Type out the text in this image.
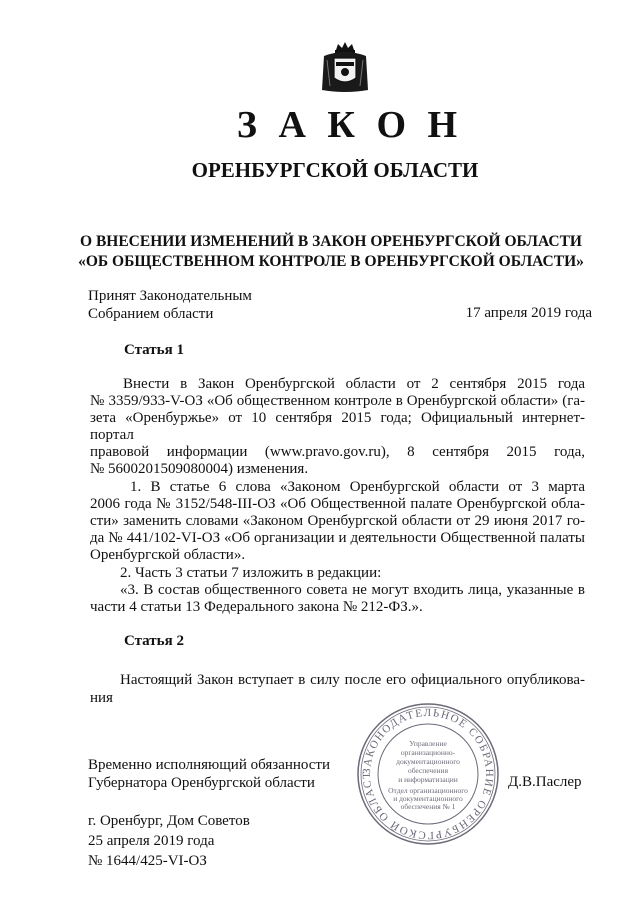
З А К О Н
ОРЕНБУРГСКОЙ ОБЛАСТИ
О ВНЕСЕНИИ ИЗМЕНЕНИЙ В ЗАКОН ОРЕНБУРГСКОЙ ОБЛАСТИ
«ОБ ОБЩЕСТВЕННОМ КОНТРОЛЕ В ОРЕНБУРГСКОЙ ОБЛАСТИ»
Принят Законодательным
Собранием области	17 апреля 2019 года
Статья 1
Внести в Закон Оренбургской области от 2 сентября 2015 года
№ 3359/933-V-ОЗ «Об общественном контроле в Оренбургской области» (га-
зета «Оренбуржье» от 10 сентября 2015 года; Официальный интернет-портал
правовой информации (www.pravo.gov.ru), 8 сентября 2015 года,
№ 5600201509080004) изменения.
1. В статье 6 слова «Законом Оренбургской области от 3 марта
2006 года № 3152/548-III-ОЗ «Об Общественной палате Оренбургской обла-
сти» заменить словами «Законом Оренбургской области от 29 июня 2017 го-
да № 441/102-VI-ОЗ «Об организации и деятельности Общественной палаты
Оренбургской области».
2. Часть 3 статьи 7 изложить в редакции:
«3. В состав общественного совета не могут входить лица, указанные в
части 4 статьи 13 Федерального закона № 212-ФЗ.».
Статья 2
Настоящий Закон вступает в силу после его официального опубликова-
ния
ЗАКОНОДАТЕЛЬНОЕ СОБРАНИЕ ОРЕНБУРГСКОЙ ОБЛАСТ
Управление
организационно-
документационного
обеспечения
и информатизации
Отдел организационного
и документационного
обеспечения № 1
Временно исполняющий обязанности
Губернатора Оренбургской области	Д.В.Паслер
г. Оренбург, Дом Советов
25 апреля 2019 года
№ 1644/425-VI-ОЗ
